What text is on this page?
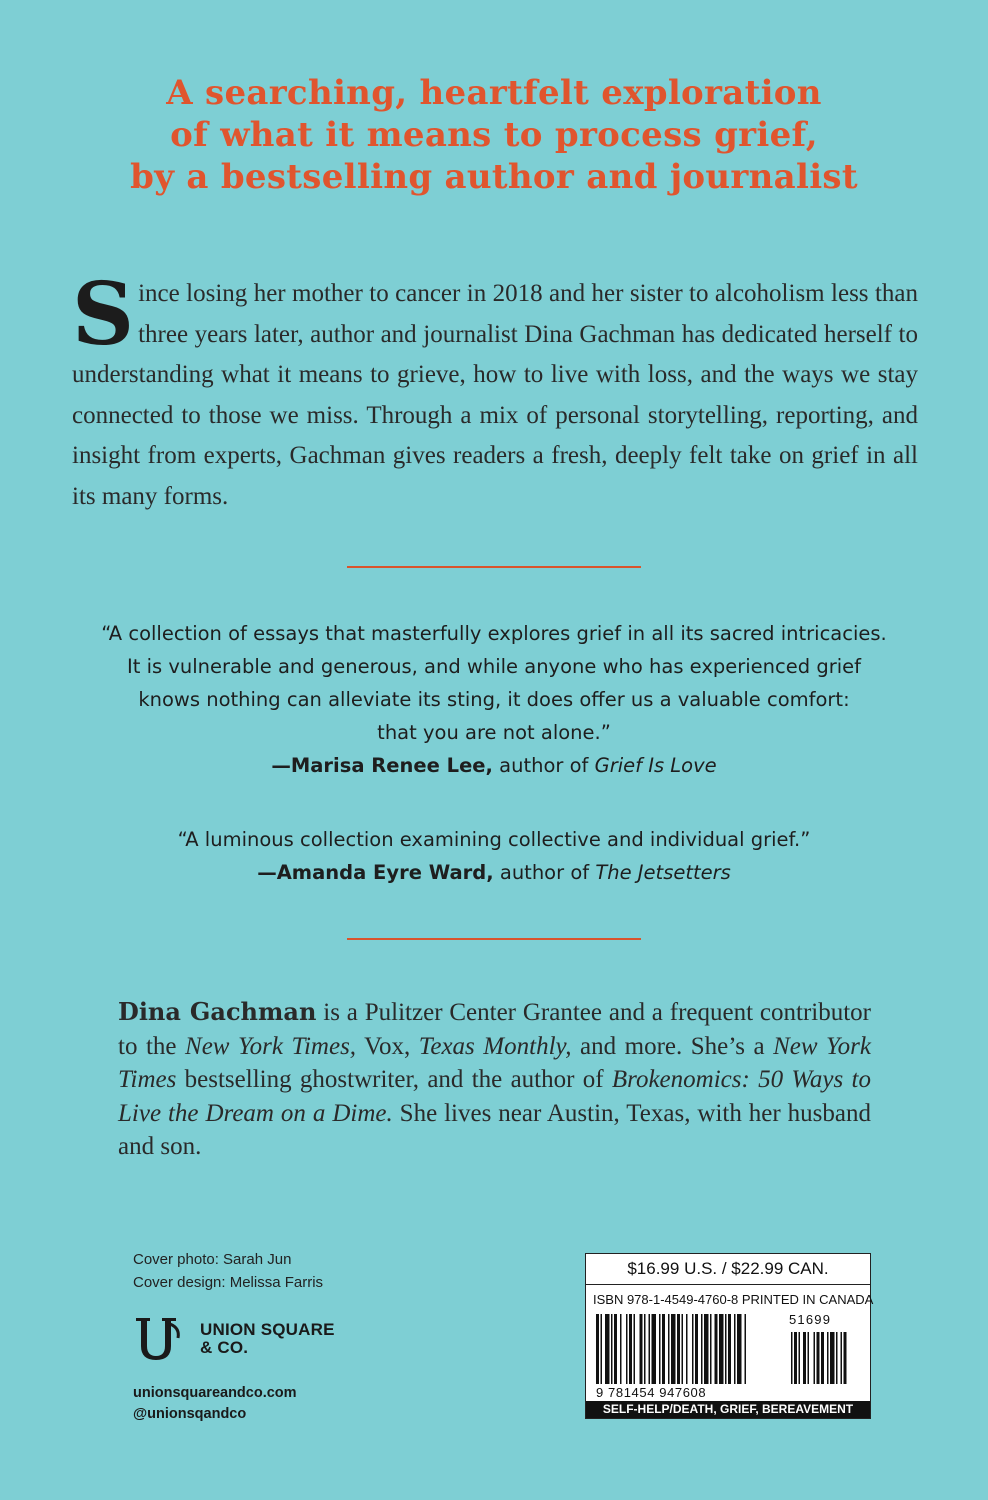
A searching, heartfelt exploration
of what it means to process grief,
by a bestselling author and journalist

Since losing her mother to cancer in 2018 and her sister to alcoholism less than three years later, author and journalist Dina Gachman has dedicated herself to understanding what it means to grieve, how to live with loss, and the ways we stay connected to those we miss. Through a mix of personal storytelling, reporting, and insight from experts, Gachman gives readers a fresh, deeply felt take on grief in all its many forms.

“A collection of essays that masterfully explores grief in all its sacred intricacies.
It is vulnerable and generous, and while anyone who has experienced grief
knows nothing can alleviate its sting, it does offer us a valuable comfort:
that you are not alone.”
—Marisa Renee Lee, author of Grief Is Love
“A luminous collection examining collective and individual grief.”
—Amanda Eyre Ward, author of The Jetsetters

Dina Gachman is a Pulitzer Center Grantee and a frequent contributor to the New York Times, Vox, Texas Monthly, and more. She’s a New York Times bestselling ghostwriter, and the author of Brokenomics: 50 Ways to Live the Dream on a Dime. She lives near Austin, Texas, with her husband and son.

Cover photo: Sarah Jun
Cover design: Melissa Farris
UNION SQUARE
& CO.
unionsquareandco.com
@unionsqandco
$16.99 U.S. / $22.99 CAN.
ISBN 978-1-4549-4760-8 PRINTED IN CANADA
51699
9 781454 947608
SELF-HELP/DEATH, GRIEF, BEREAVEMENT
